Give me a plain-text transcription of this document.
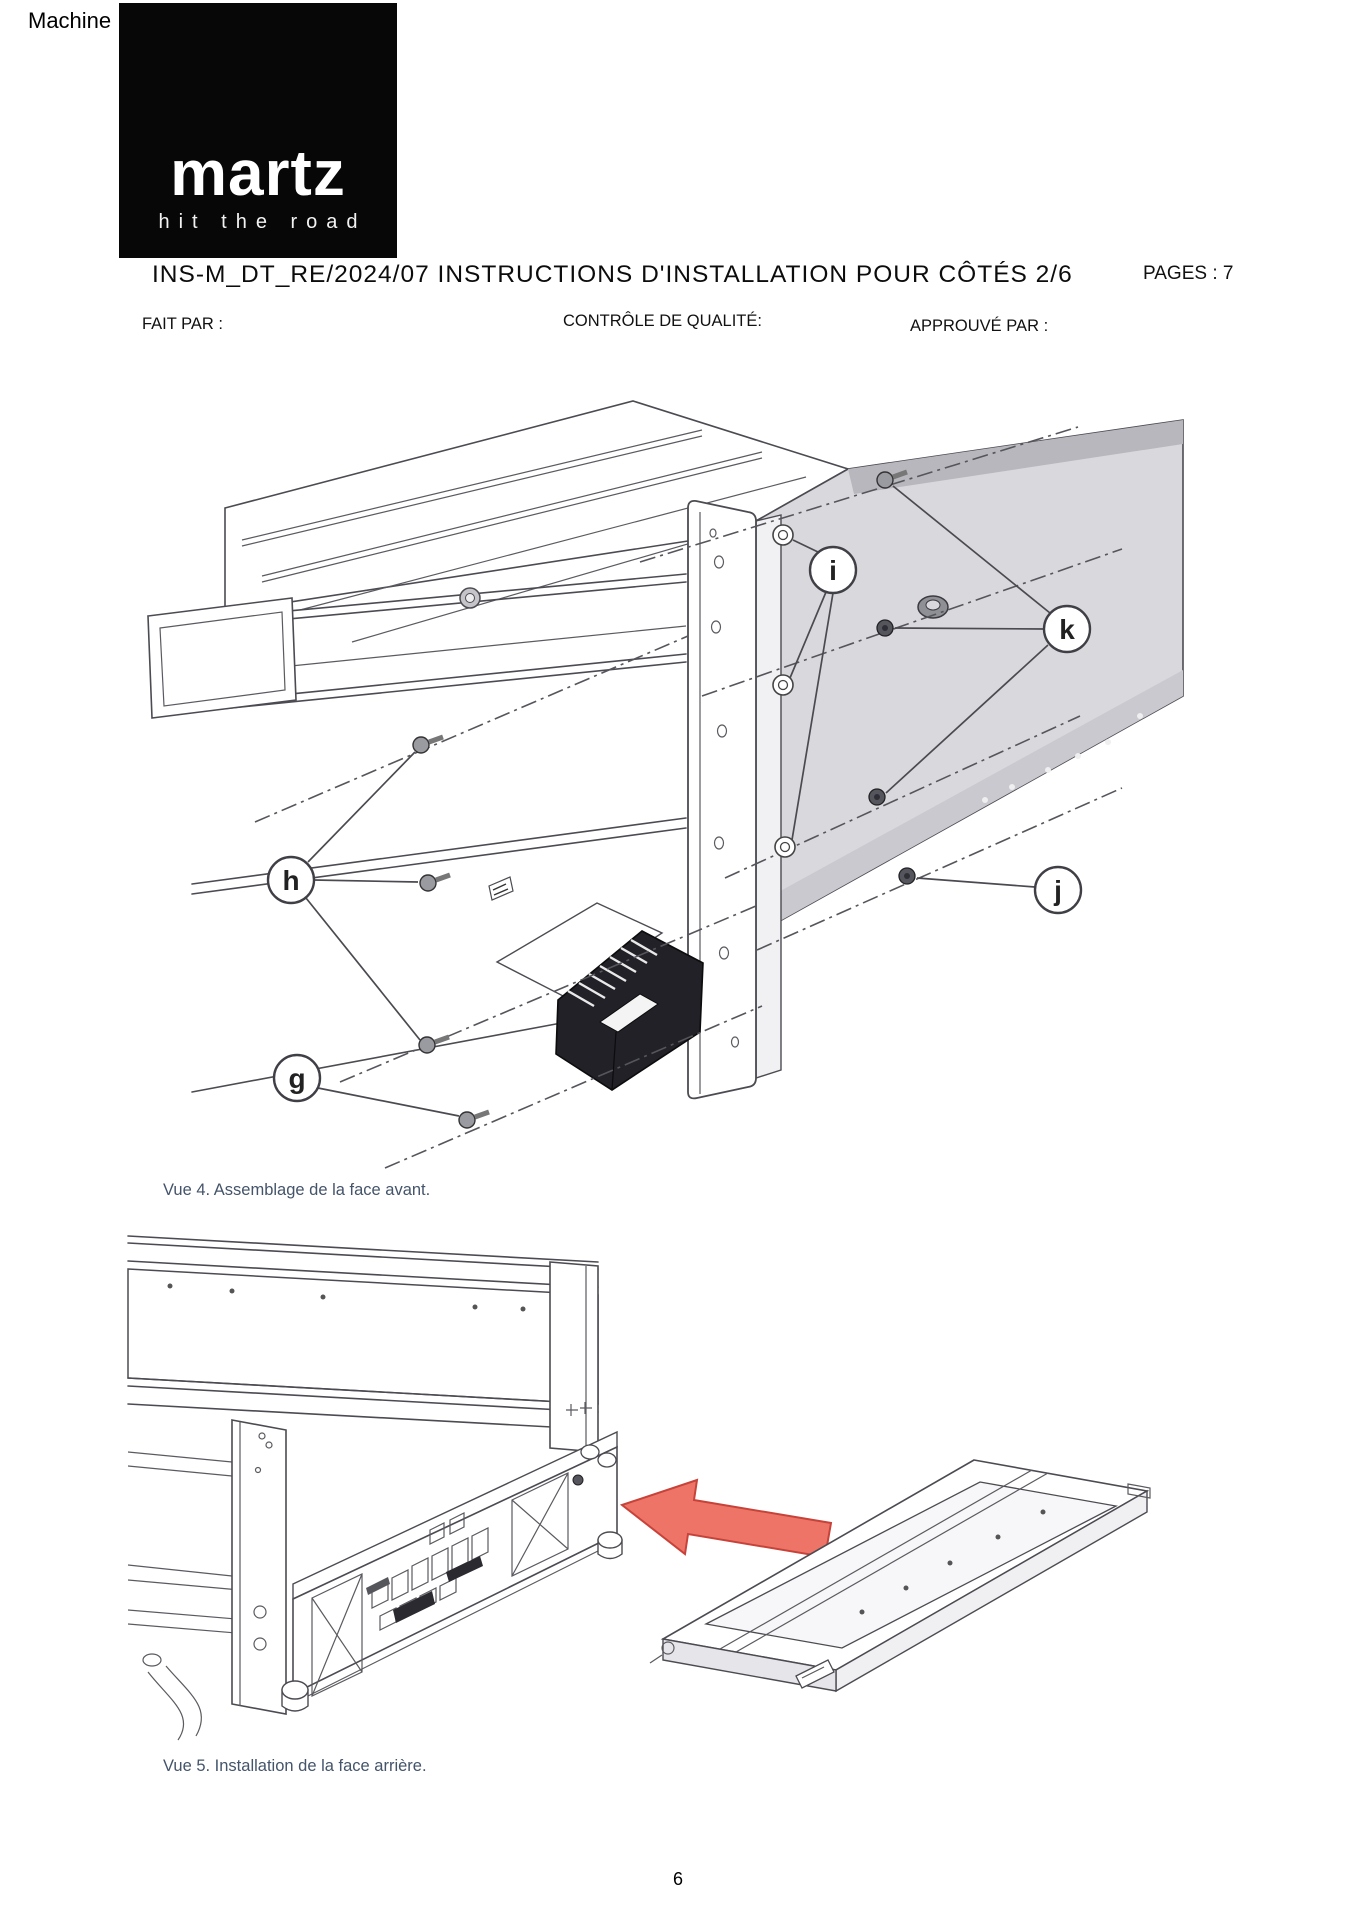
Machine
martz
hit the road
INS-M_DT_RE/2024/07 INSTRUCTIONS D'INSTALLATION POUR CÔTÉS 2/6	PAGES : 7
FAIT PAR :	CONTRÔLE DE QUALITÉ:	APPROUVÉ PAR :
g
h
i
j
k
Vue 4. Assemblage de la face avant.
Vue 5. Installation de la face arrière.
6
